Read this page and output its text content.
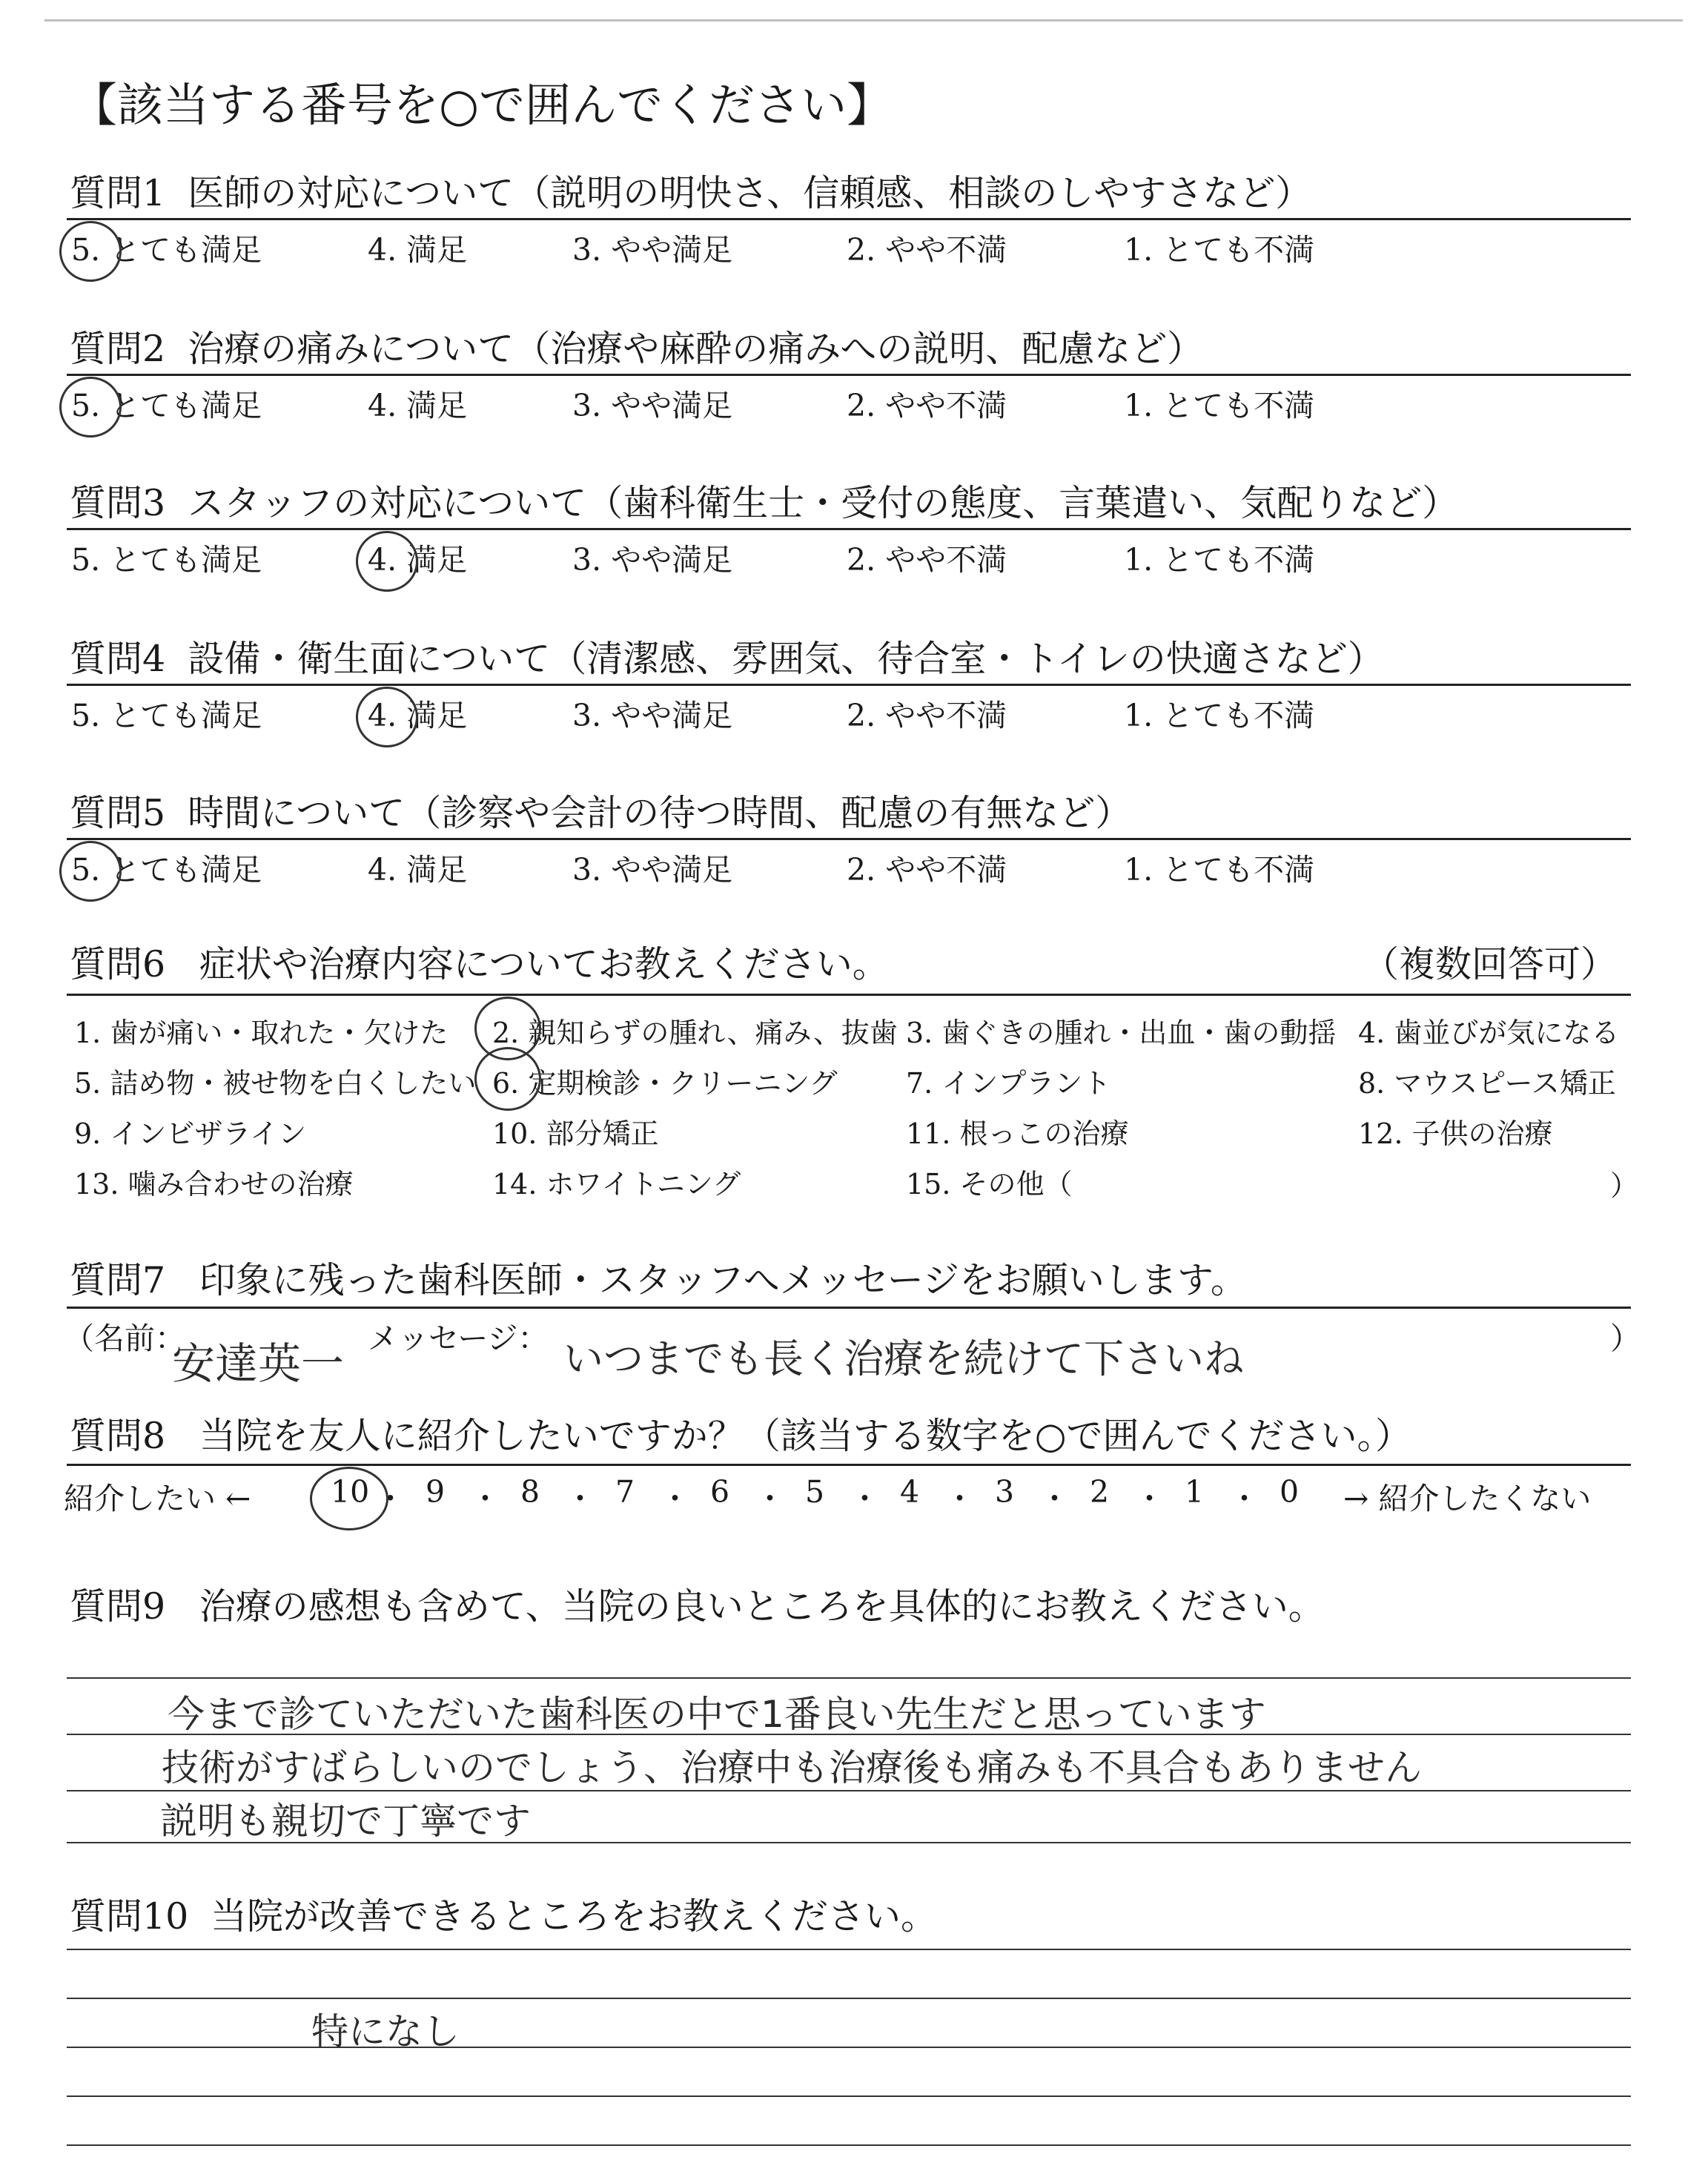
【該当する番号を○で囲んでください】
質問1 医師の対応について（説明の明快さ、信頼感、相談のしやすさなど）
5. とても満足	4. 満足	3. やや満足	2. やや不満	1. とても不満
質問2 治療の痛みについて（治療や麻酔の痛みへの説明、配慮など）
5. とても満足	4. 満足	3. やや満足	2. やや不満	1. とても不満
質問3 スタッフの対応について（歯科衛生士・受付の態度、言葉遣い、気配りなど）
5. とても満足	4. 満足	3. やや満足	2. やや不満	1. とても不満
質問4 設備・衛生面について（清潔感、雰囲気、待合室・トイレの快適さなど）
5. とても満足	4. 満足	3. やや満足	2. やや不満	1. とても不満
質問5 時間について（診察や会計の待つ時間、配慮の有無など）
5. とても満足	4. 満足	3. やや満足	2. やや不満	1. とても不満
質問6 症状や治療内容についてお教えください。	（複数回答可）
1. 歯が痛い・取れた・欠けた 2. 親知らずの腫れ、痛み、抜歯 3. 歯ぐきの腫れ・出血・歯の動揺 4. 歯並びが気になる
5. 詰め物・被せ物を白くしたい 6. 定期検診・クリーニング 7. インプラント	8. マウスピース矯正
9. インビザライン	10. 部分矯正	11. 根っこの治療	12. 子供の治療
13. 噛み合わせの治療	14. ホワイトニング	15. その他（	）
質問7 印象に残った歯科医師・スタッフへメッセージをお願いします。
（名前：
安達英一 メッセージ： いつまでも長く治療を続けて下さいね	）
質問8 当院を友人に紹介したいですか？（該当する数字を○で囲んでください。）
紹介したい ←	10 ・ 9 ・ 8 ・ 7 ・ 6 ・ 5 ・ 4 ・ 3 ・ 2 ・ 1 ・ 0 → 紹介したくない
質問9 治療の感想も含めて、当院の良いところを具体的にお教えください。
今まで診ていただいた歯科医の中で1番良い先生だと思っています
技術がすばらしいのでしょう、治療中も治療後も痛みも不具合もありません
説明も親切で丁寧です
質問10 当院が改善できるところをお教えください。
特になし
